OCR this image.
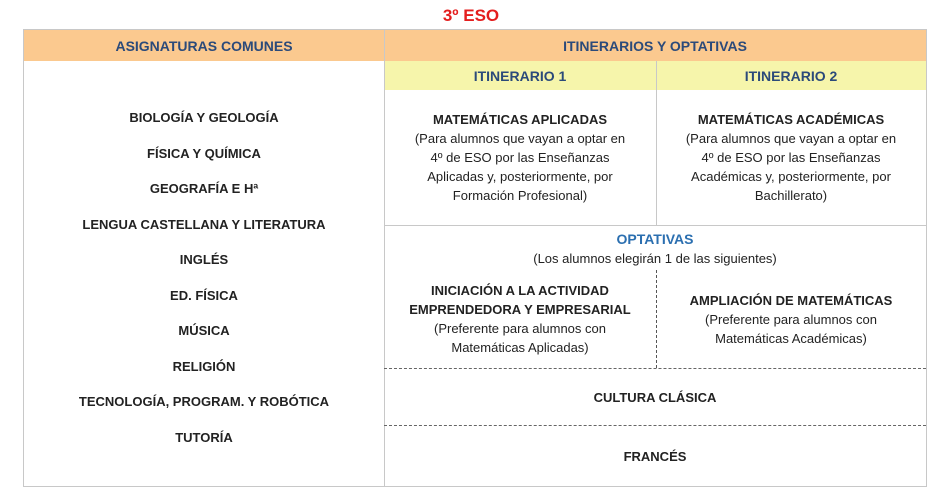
3º ESO
ASIGNATURAS COMUNES	ITINERARIOS Y OPTATIVAS
ITINERARIO 1	ITINERARIO 2
BIOLOGÍA Y GEOLOGÍA
FÍSICA Y QUÍMICA
GEOGRAFÍA E Hª
LENGUA CASTELLANA Y LITERATURA
INGLÉS
ED. FÍSICA
MÚSICA
RELIGIÓN
TECNOLOGÍA, PROGRAM. Y ROBÓTICA
TUTORÍA
MATEMÁTICAS APLICADAS
(Para alumnos que vayan a optar en
4º de ESO por las Enseñanzas
Aplicadas y, posteriormente, por
Formación Profesional)
MATEMÁTICAS ACADÉMICAS
(Para alumnos que vayan a optar en
4º de ESO por las Enseñanzas
Académicas y, posteriormente, por
Bachillerato)
OPTATIVAS
(Los alumnos elegirán 1 de las siguientes)
INICIACIÓN A LA ACTIVIDAD
EMPRENDEDORA Y EMPRESARIAL
(Preferente para alumnos con
Matemáticas Aplicadas)
AMPLIACIÓN DE MATEMÁTICAS
(Preferente para alumnos con
Matemáticas Académicas)
CULTURA CLÁSICA
FRANCÉS
